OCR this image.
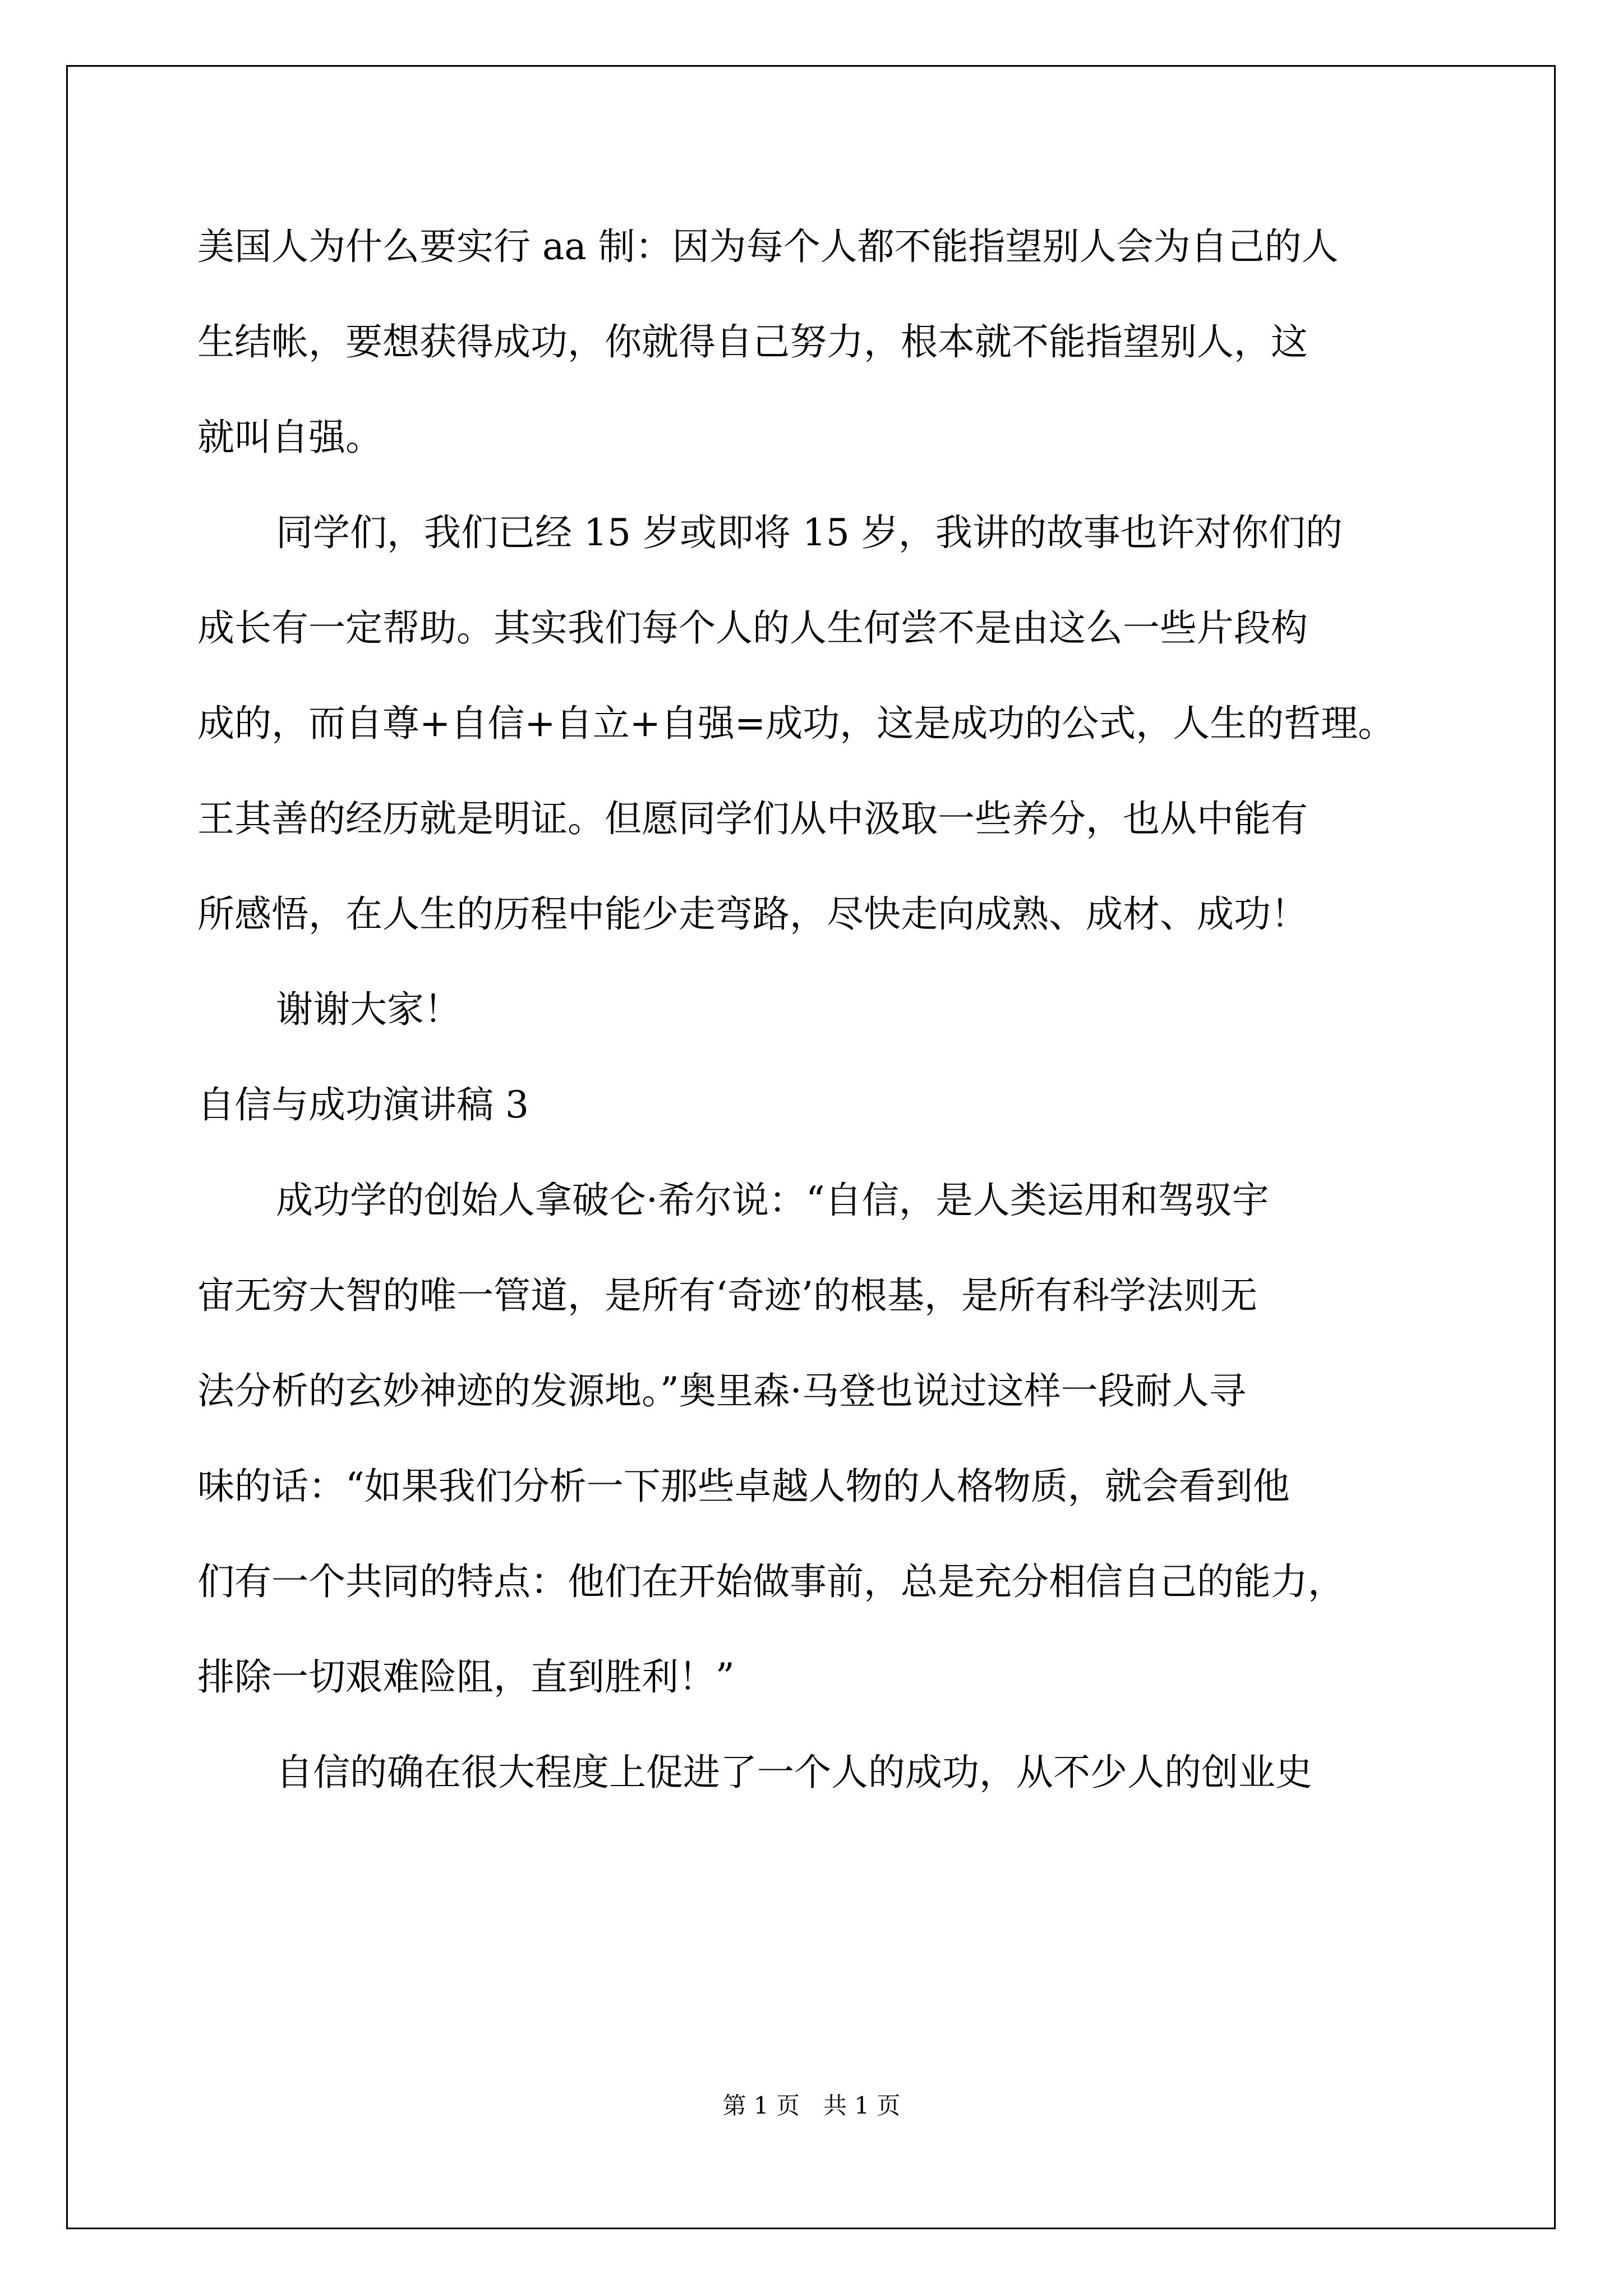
美国人为什么要实行 aa 制：因为每个人都不能指望别人会为自己的人
生结帐，要想获得成功，你就得自己努力，根本就不能指望别人，这
就叫自强。
同学们，我们已经 15 岁或即将 15 岁，我讲的故事也许对你们的
成长有一定帮助。其实我们每个人的人生何尝不是由这么一些片段构
成的，而自尊+自信+自立+自强=成功，这是成功的公式，人生的哲理。
王其善的经历就是明证。但愿同学们从中汲取一些养分，也从中能有
所感悟，在人生的历程中能少走弯路，尽快走向成熟、成材、成功！
谢谢大家！
自信与成功演讲稿 3
成功学的创始人拿破仑·希尔说：“自信，是人类运用和驾驭宇
宙无穷大智的唯一管道，是所有‘奇迹’的根基，是所有科学法则无
法分析的玄妙神迹的发源地。”奥里森·马登也说过这样一段耐人寻
味的话：“如果我们分析一下那些卓越人物的人格物质，就会看到他
们有一个共同的特点：他们在开始做事前，总是充分相信自己的能力，
排除一切艰难险阻，直到胜利！”
自信的确在很大程度上促进了一个人的成功，从不少人的创业史
第 1 页　共 1 页
